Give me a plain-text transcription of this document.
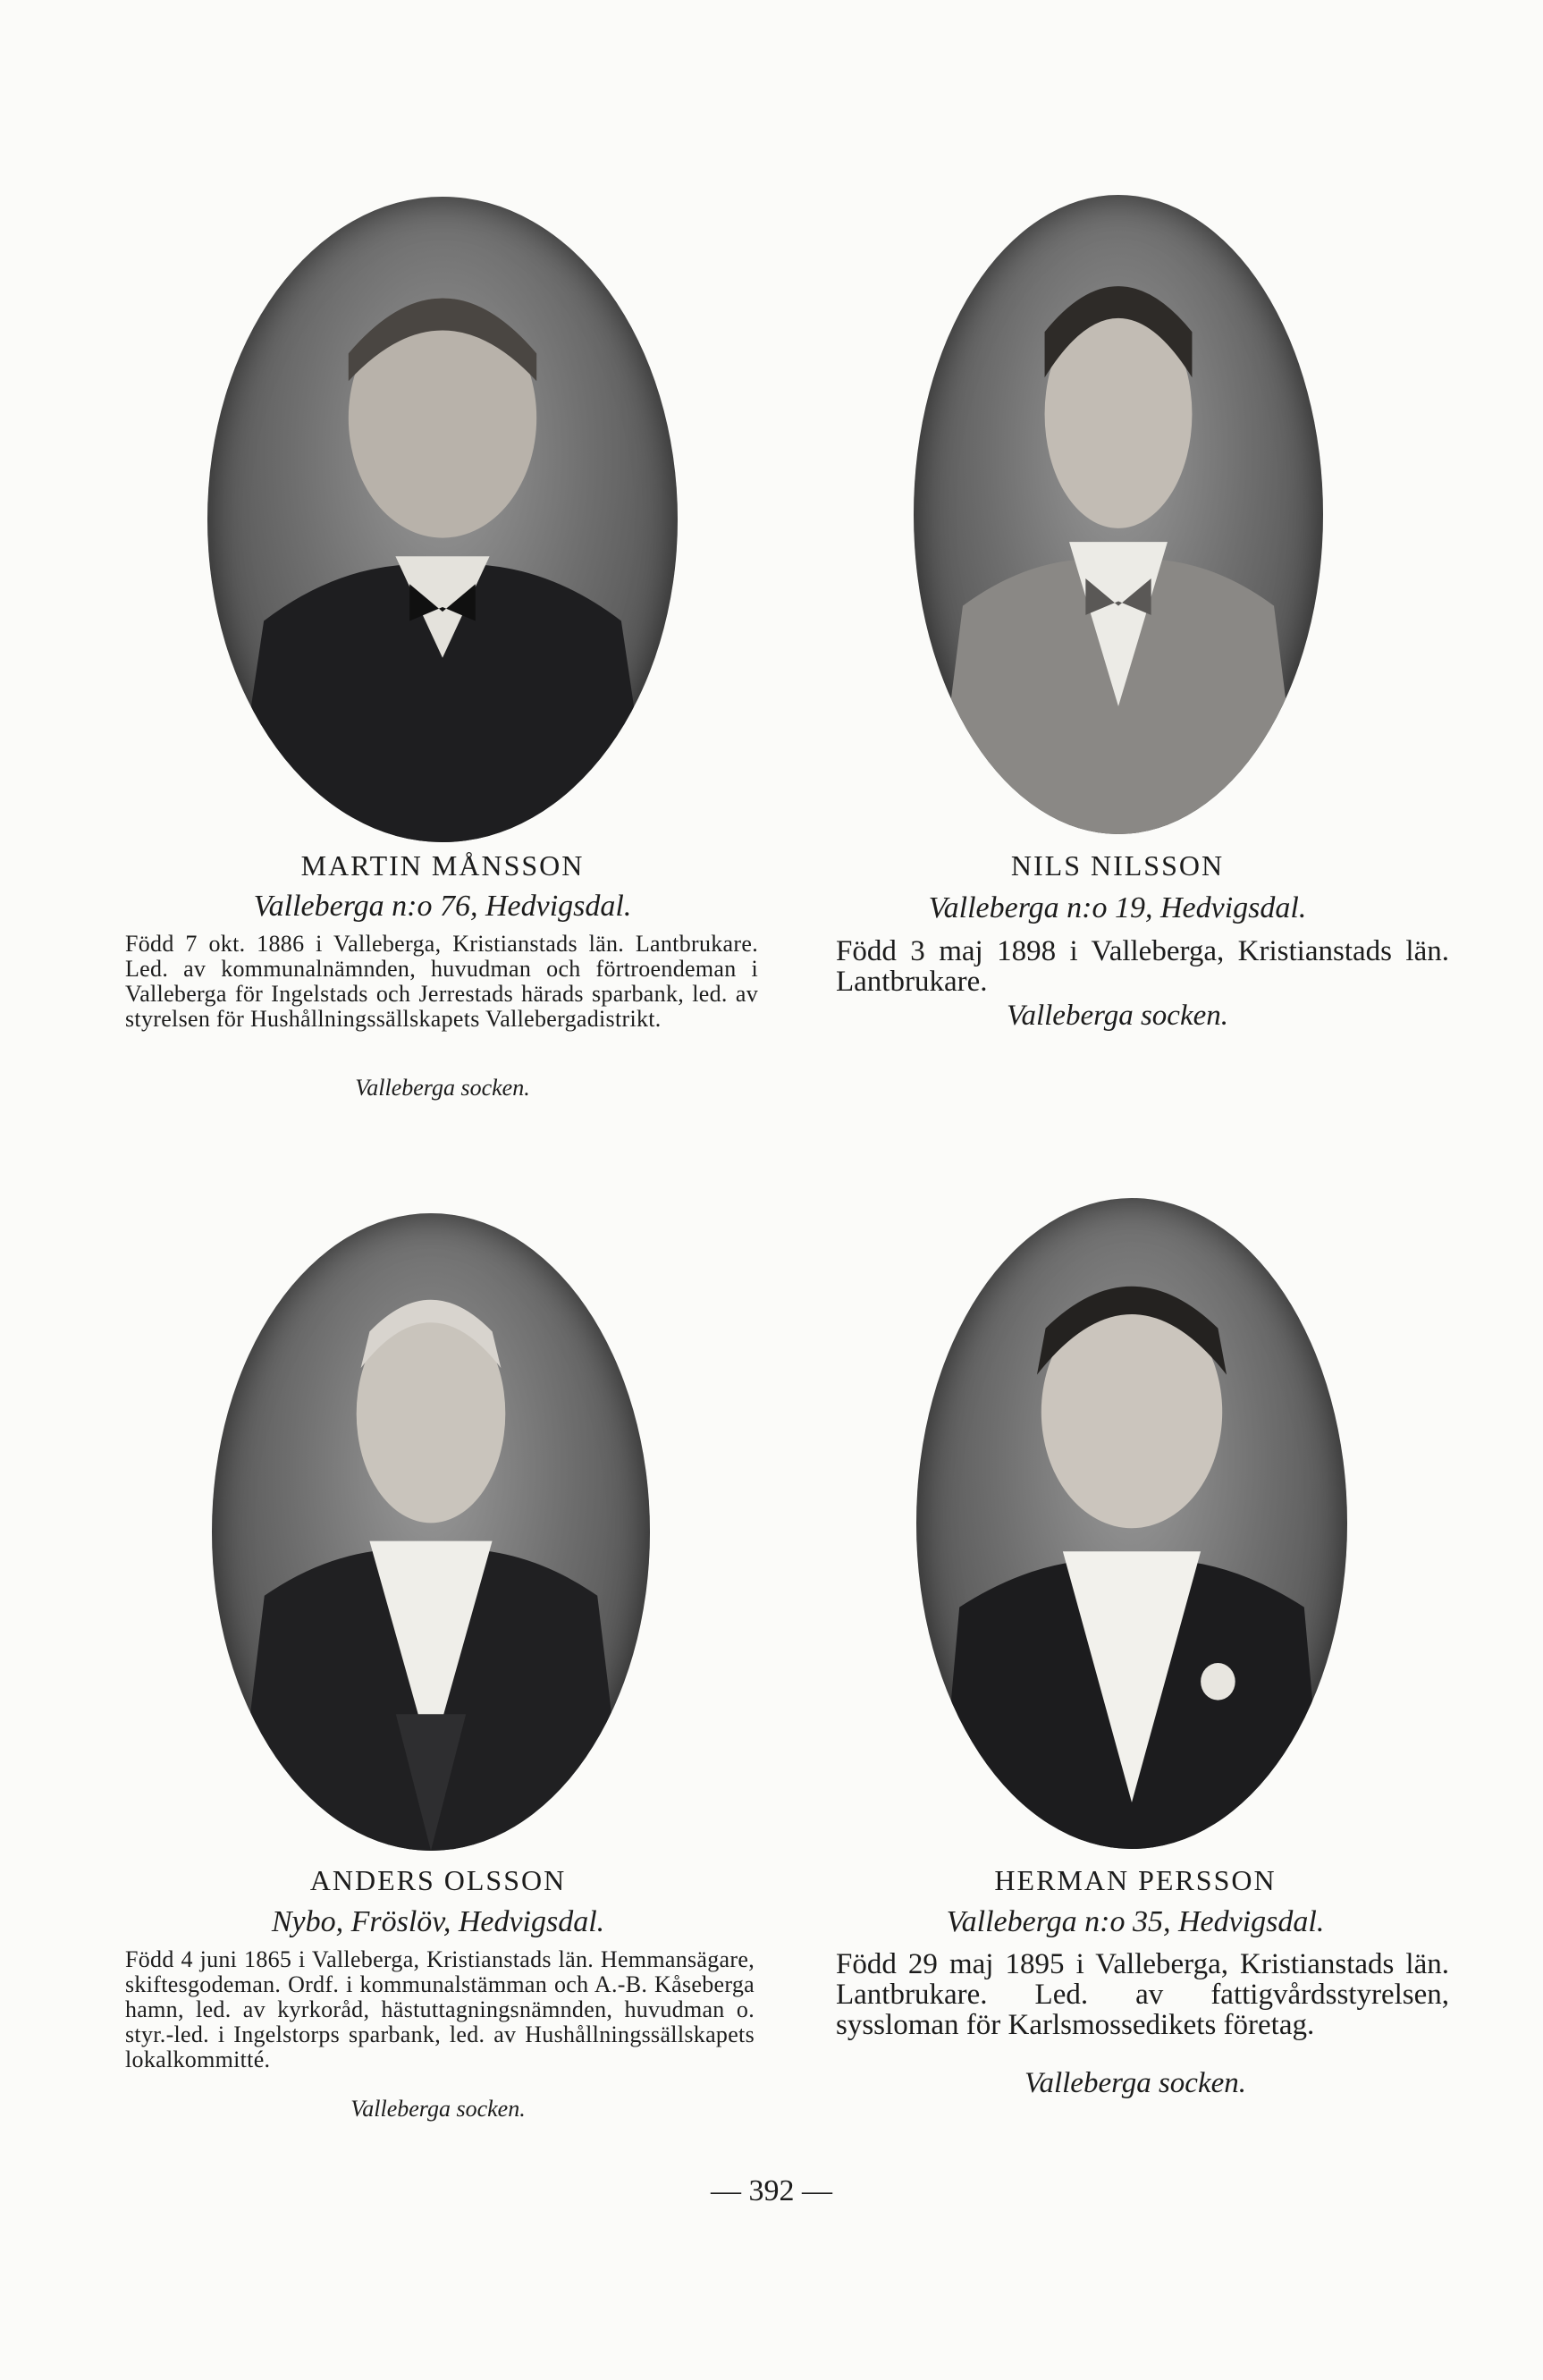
MARTIN MÅNSSON
Valleberga n:o 76, Hedvigsdal.
Född 7 okt. 1886 i Valleberga, Kristianstads län. Lantbrukare. Led. av kommunalnämnden, huvudman och förtroendeman i Valleberga för Ingelstads och Jerrestads härads sparbank, led. av styrelsen för Hushållningssällskapets Vallebergadistrikt.
Valleberga socken.
NILS NILSSON
Valleberga n:o 19, Hedvigsdal.
Född 3 maj 1898 i Valleberga, Kristianstads län. Lantbrukare.
Valleberga socken.
ANDERS OLSSON
Nybo, Fröslöv, Hedvigsdal.
Född 4 juni 1865 i Valleberga, Kristianstads län. Hemmansägare, skiftesgodeman. Ordf. i kommunalstämman och A.-B. Kåseberga hamn, led. av kyrkoråd, hästuttagningsnämnden, huvudman o. styr.-led. i Ingelstorps sparbank, led. av Hushållningssällskapets lokalkommitté.
Valleberga socken.
HERMAN PERSSON
Valleberga n:o 35, Hedvigsdal.
Född 29 maj 1895 i Valleberga, Kristianstads län. Lantbrukare. Led. av fattigvårdsstyrelsen, syssloman för Karlsmossedikets företag.
Valleberga socken.
— 392 —
